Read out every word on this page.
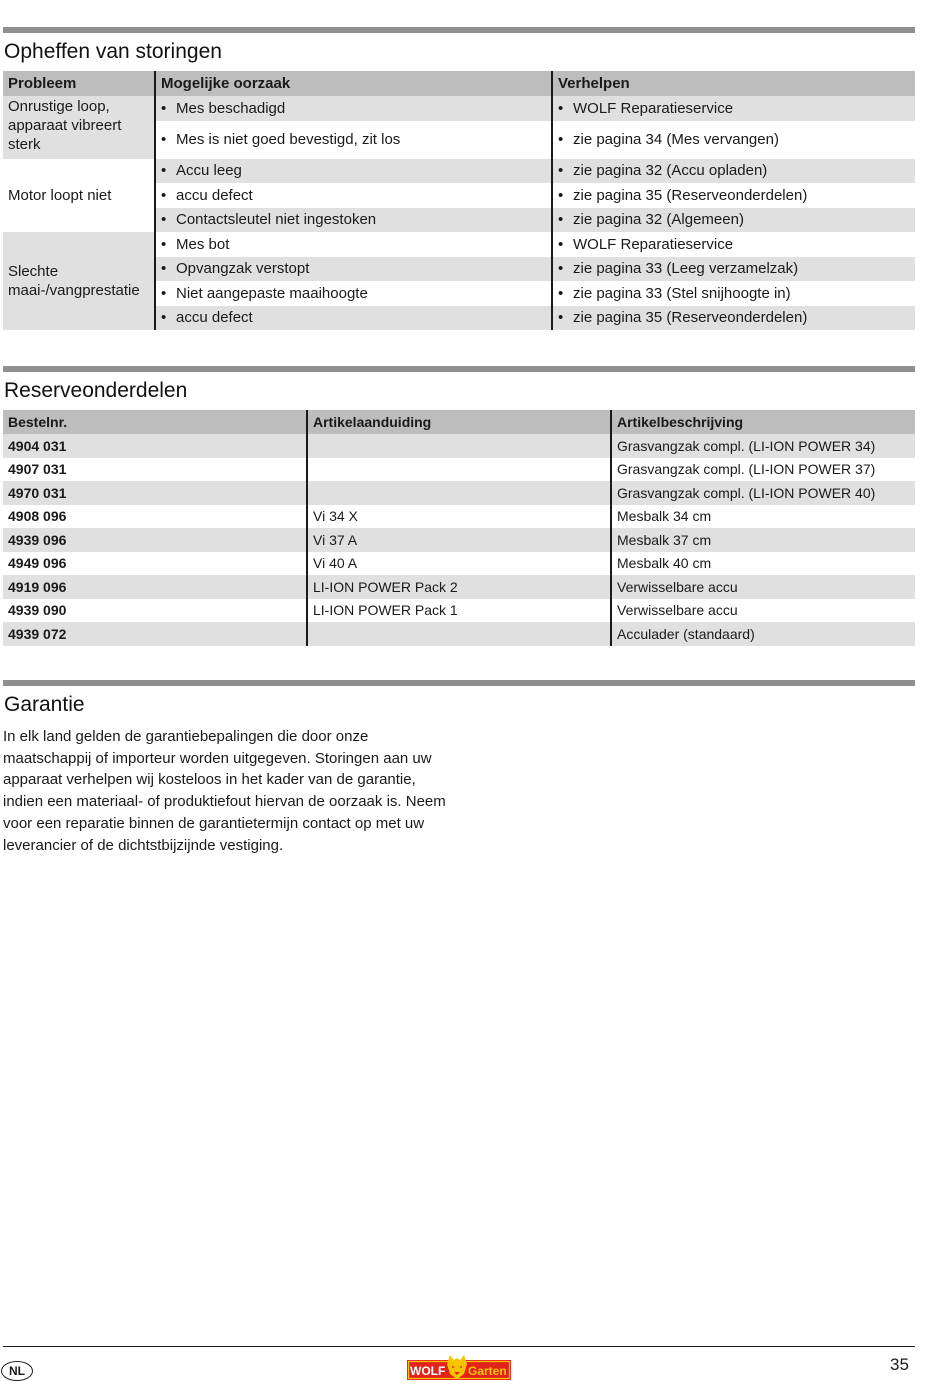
Opheffen van storingen
Probleem	Mogelijke oorzaak	Verhelpen
Onrustige loop, apparaat vibreert sterk	• Mes beschadigd	• WOLF Reparatieservice
	• Mes is niet goed bevestigd, zit los	• zie pagina 34 (Mes vervangen)
Motor loopt niet	• Accu leeg	• zie pagina 32 (Accu opladen)
	• accu defect	• zie pagina 35 (Reserveonderdelen)
	• Contactsleutel niet ingestoken	• zie pagina 32 (Algemeen)
Slechte maai-/vangprestatie	• Mes bot	• WOLF Reparatieservice
	• Opvangzak verstopt	• zie pagina 33 (Leeg verzamelzak)
	• Niet aangepaste maaihoogte	• zie pagina 33 (Stel snijhoogte in)
	• accu defect	• zie pagina 35 (Reserveonderdelen)
Reserveonderdelen
Bestelnr.	Artikelaanduiding	Artikelbeschrijving
4904 031		Grasvangzak compl. (LI-ION POWER 34)
4907 031		Grasvangzak compl. (LI-ION POWER 37)
4970 031		Grasvangzak compl. (LI-ION POWER 40)
4908 096	Vi 34 X	Mesbalk 34 cm
4939 096	Vi 37 A	Mesbalk 37 cm
4949 096	Vi 40 A	Mesbalk 40 cm
4919 096	LI-ION POWER Pack 2	Verwisselbare accu
4939 090	LI-ION POWER Pack 1	Verwisselbare accu
4939 072		Acculader (standaard)
Garantie

In elk land gelden de garantiebepalingen die door onze maatschappij of importeur worden uitgegeven. Storingen aan uw apparaat verhelpen wij kosteloos in het kader van de garantie, indien een materiaal- of produktiefout hiervan de oorzaak is. Neem voor een reparatie binnen de garantietermijn contact op met uw leverancier of de dichtstbijzijnde vestiging.

NL	WOLF Garten	35
